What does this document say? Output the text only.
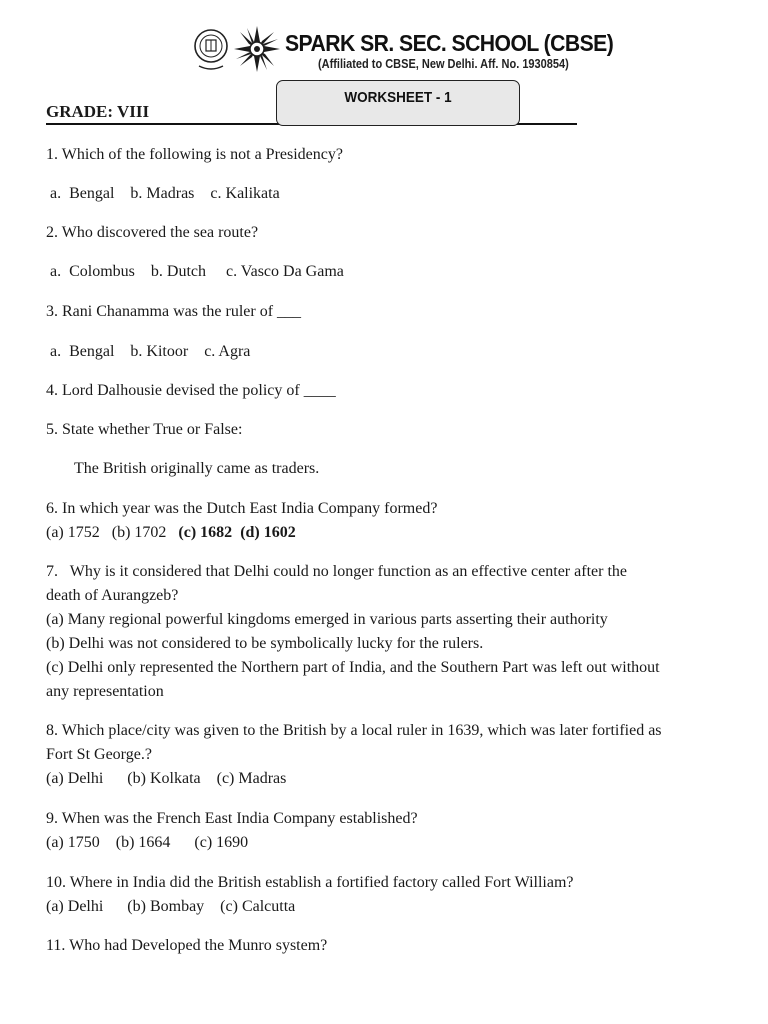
SPARK SR. SEC. SCHOOL (CBSE)
(Affiliated to CBSE, New Delhi. Aff. No. 1930854)
GRADE: VIII
WORKSHEET - 1
1. Which of the following is not a Presidency?
a.  Bengal    b. Madras    c. Kalikata
2. Who discovered the sea route?
a.  Colombus    b. Dutch     c. Vasco Da Gama
3. Rani Chanamma was the ruler of ___
a.  Bengal    b. Kitoor    c. Agra
4. Lord Dalhousie devised the policy of ____
5. State whether True or False:
The British originally came as traders.
6. In which year was the Dutch East India Company formed?
(a) 1752   (b) 1702   (c) 1682 (d) 1602
7.   Why is it considered that Delhi could no longer function as an effective center after the
death of Aurangzeb?
(a) Many regional powerful kingdoms emerged in various parts asserting their authority
(b) Delhi was not considered to be symbolically lucky for the rulers.
(c) Delhi only represented the Northern part of India, and the Southern Part was left out without
any representation
8. Which place/city was given to the British by a local ruler in 1639, which was later fortified as
Fort St George.?
(a) Delhi      (b) Kolkata    (c) Madras
9. When was the French East India Company established?
(a) 1750    (b) 1664      (c) 1690
10. Where in India did the British establish a fortified factory called Fort William?
(a) Delhi      (b) Bombay    (c) Calcutta
11. Who had Developed the Munro system?
